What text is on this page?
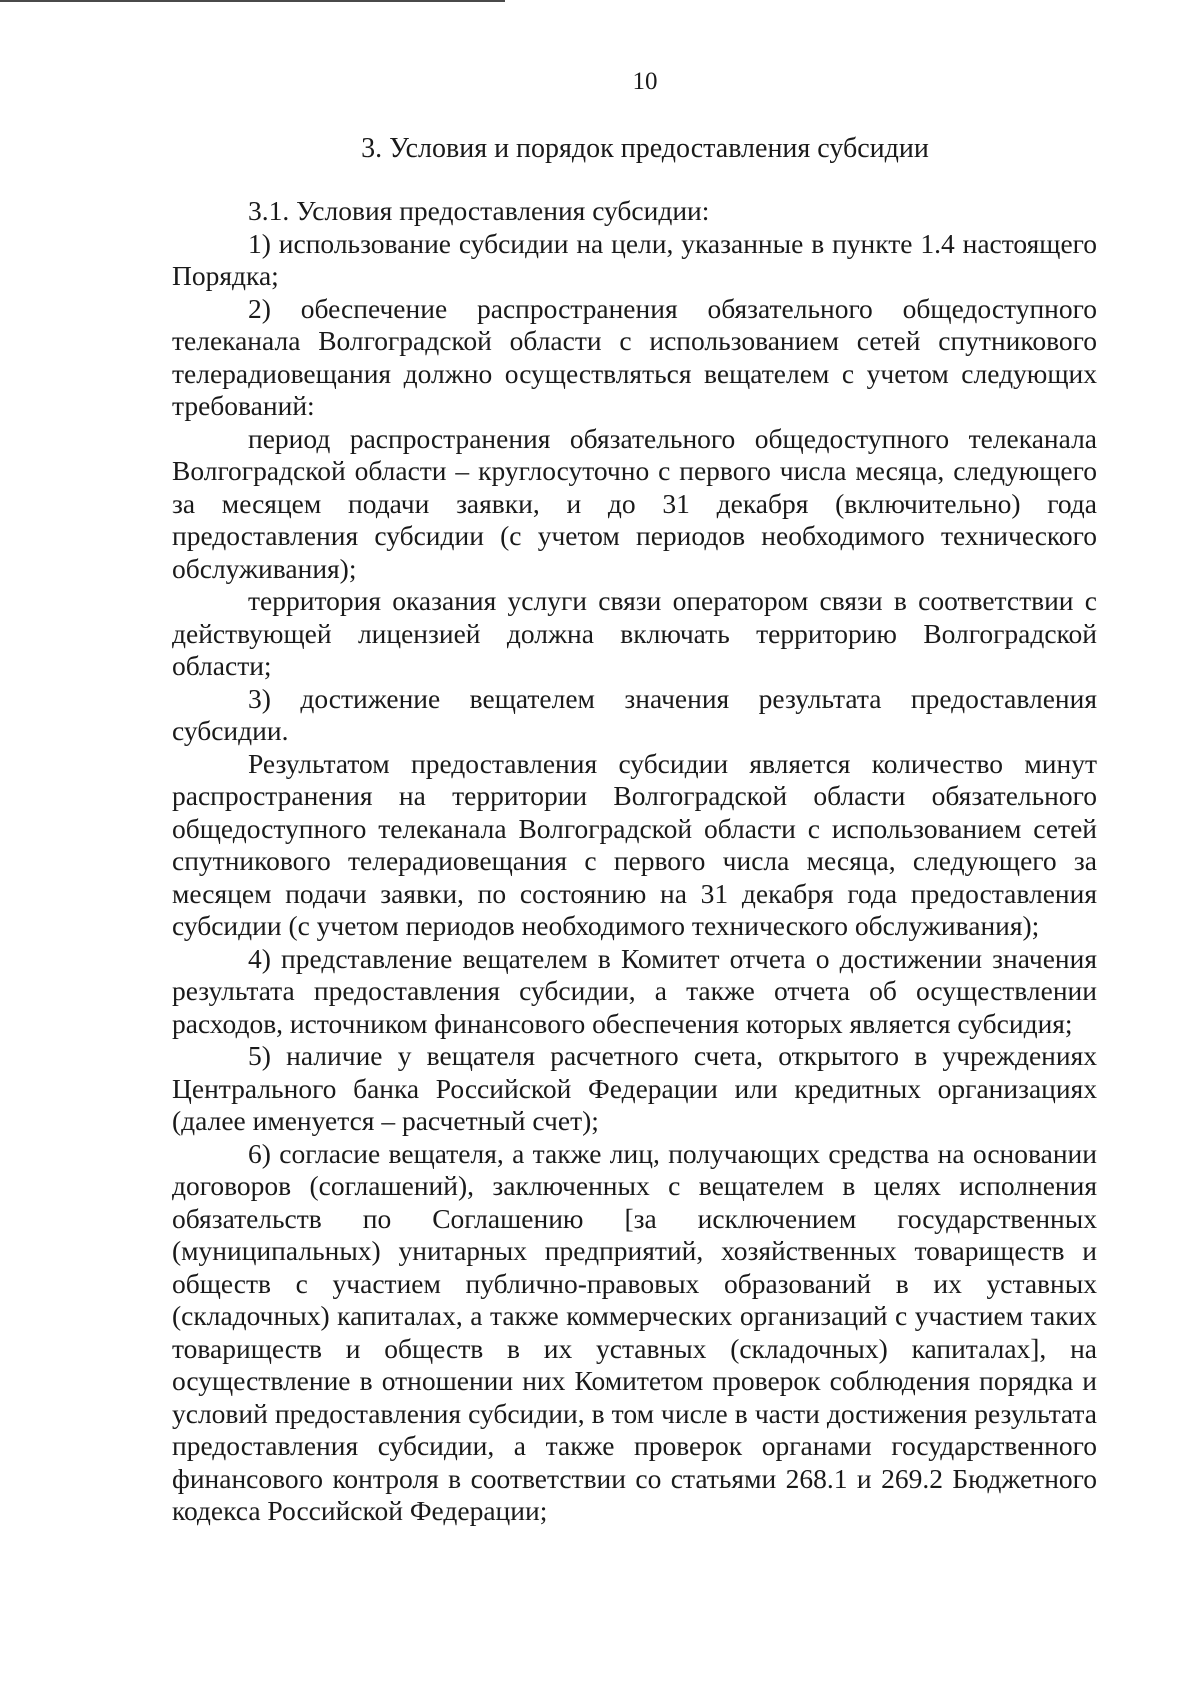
10
3. Условия и порядок предоставления субсидии

3.1. Условия предоставления субсидии:

1) использование субсидии на цели, указанные в пункте 1.4 настоящего Порядка;

2) обеспечение распространения обязательного общедоступного телеканала Волгоградской области с использованием сетей спутникового телерадиовещания должно осуществляться вещателем с учетом следующих требований:

период распространения обязательного общедоступного телеканала Волгоградской области – круглосуточно с первого числа месяца, следующего за месяцем подачи заявки, и до 31 декабря (включительно) года предоставления субсидии (с учетом периодов необходимого технического обслуживания);

территория оказания услуги связи оператором связи в соответствии с действующей лицензией должна включать территорию Волгоградской области;

3) достижение вещателем значения результата предоставления субсидии.

Результатом предоставления субсидии является количество минут распространения на территории Волгоградской области обязательного общедоступного телеканала Волгоградской области с использованием сетей спутникового телерадиовещания с первого числа месяца, следующего за месяцем подачи заявки, по состоянию на 31 декабря года предоставления субсидии (с учетом периодов необходимого технического обслуживания);

4) представление вещателем в Комитет отчета о достижении значения результата предоставления субсидии, а также отчета об осуществлении расходов, источником финансового обеспечения которых является субсидия;

5) наличие у вещателя расчетного счета, открытого в учреждениях Центрального банка Российской Федерации или кредитных организациях (далее именуется – расчетный счет);

6) согласие вещателя, а также лиц, получающих средства на основании договоров (соглашений), заключенных с вещателем в целях исполнения обязательств по Соглашению [за исключением государственных (муниципальных) унитарных предприятий, хозяйственных товариществ и обществ с участием публично-правовых образований в их уставных (складочных) капиталах, а также коммерческих организаций с участием таких товариществ и обществ в их уставных (складочных) капиталах], на осуществление в отношении них Комитетом проверок соблюдения порядка и условий предоставления субсидии, в том числе в части достижения результата предоставления субсидии, а также проверок органами государственного финансового контроля в соответствии со статьями 268.1 и 269.2 Бюджетного кодекса Российской Федерации;
